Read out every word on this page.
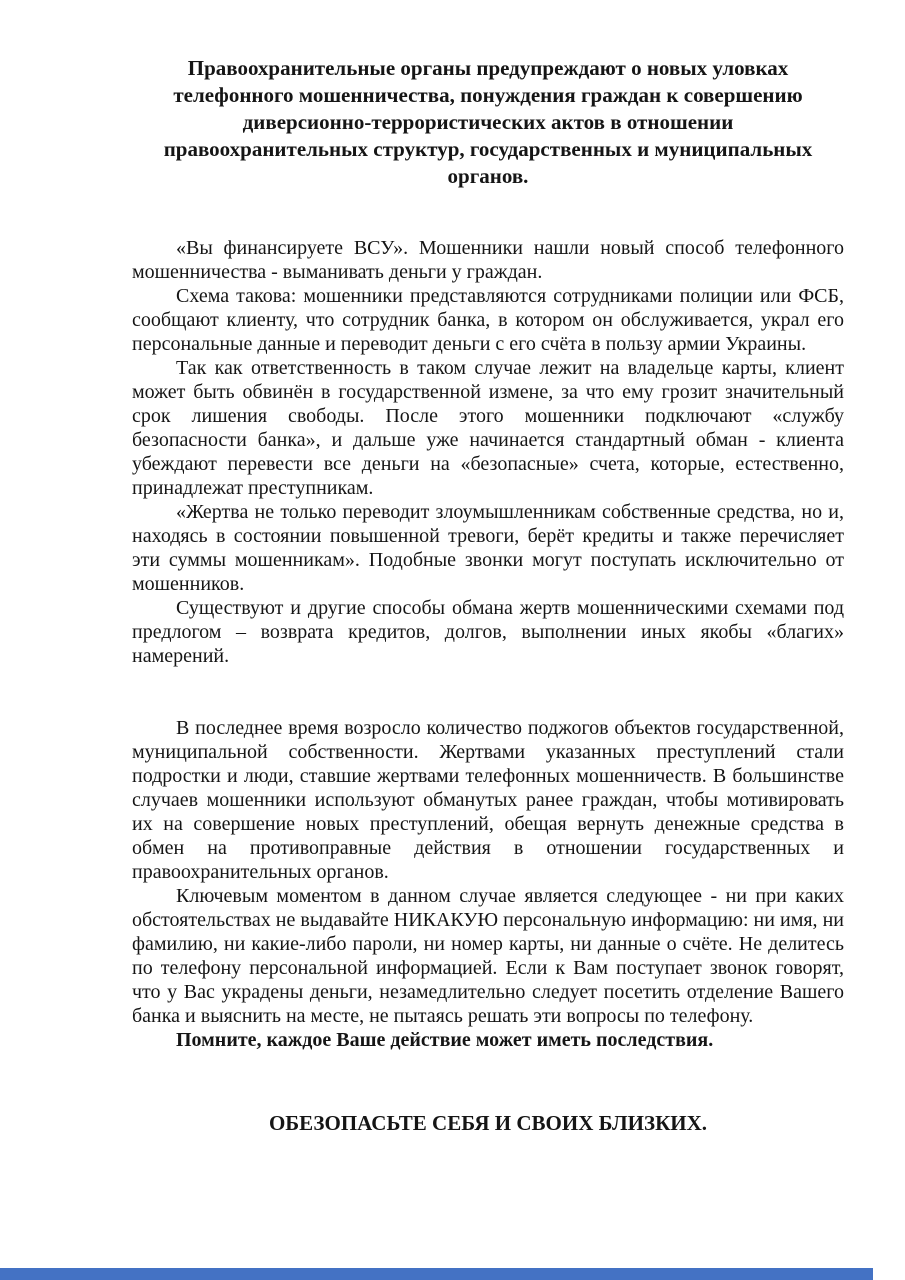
Правоохранительные органы предупреждают о новых уловках
телефонного мошенничества, понуждения граждан к совершению
диверсионно-террористических актов в отношении
правоохранительных структур, государственных и муниципальных
органов.

«Вы финансируете ВСУ». Мошенники нашли новый способ телефонного мошенничества - выманивать деньги у граждан.

Схема такова: мошенники представляются сотрудниками полиции или ФСБ, сообщают клиенту, что сотрудник банка, в котором он обслуживается, украл его персональные данные и переводит деньги с его счёта в пользу армии Украины.

Так как ответственность в таком случае лежит на владельце карты, клиент может быть обвинён в государственной измене, за что ему грозит значительный срок лишения свободы. После этого мошенники подключают «службу безопасности банка», и дальше уже начинается стандартный обман - клиента убеждают перевести все деньги на «безопасные» счета, которые, естественно, принадлежат преступникам.

«Жертва не только переводит злоумышленникам собственные средства, но и, находясь в состоянии повышенной тревоги, берёт кредиты и также перечисляет эти суммы мошенникам». Подобные звонки могут поступать исключительно от мошенников.

Существуют и другие способы обмана жертв мошенническими схемами под предлогом – возврата кредитов, долгов, выполнении иных якобы «благих» намерений.

В последнее время возросло количество поджогов объектов государственной, муниципальной собственности. Жертвами указанных преступлений стали подростки и люди, ставшие жертвами телефонных мошенничеств. В большинстве случаев мошенники используют обманутых ранее граждан, чтобы мотивировать их на совершение новых преступлений, обещая вернуть денежные средства в обмен на противоправные действия в отношении государственных и правоохранительных органов.

Ключевым моментом в данном случае является следующее - ни при каких обстоятельствах не выдавайте НИКАКУЮ персональную информацию: ни имя, ни фамилию, ни какие-либо пароли, ни номер карты, ни данные о счёте. Не делитесь по телефону персональной информацией. Если к Вам поступает звонок говорят, что у Вас украдены деньги, незамедлительно следует посетить отделение Вашего банка и выяснить на месте, не пытаясь решать эти вопросы по телефону.

Помните, каждое Ваше действие может иметь последствия.

ОБЕЗОПАСЬТЕ СЕБЯ И СВОИХ БЛИЗКИХ.
